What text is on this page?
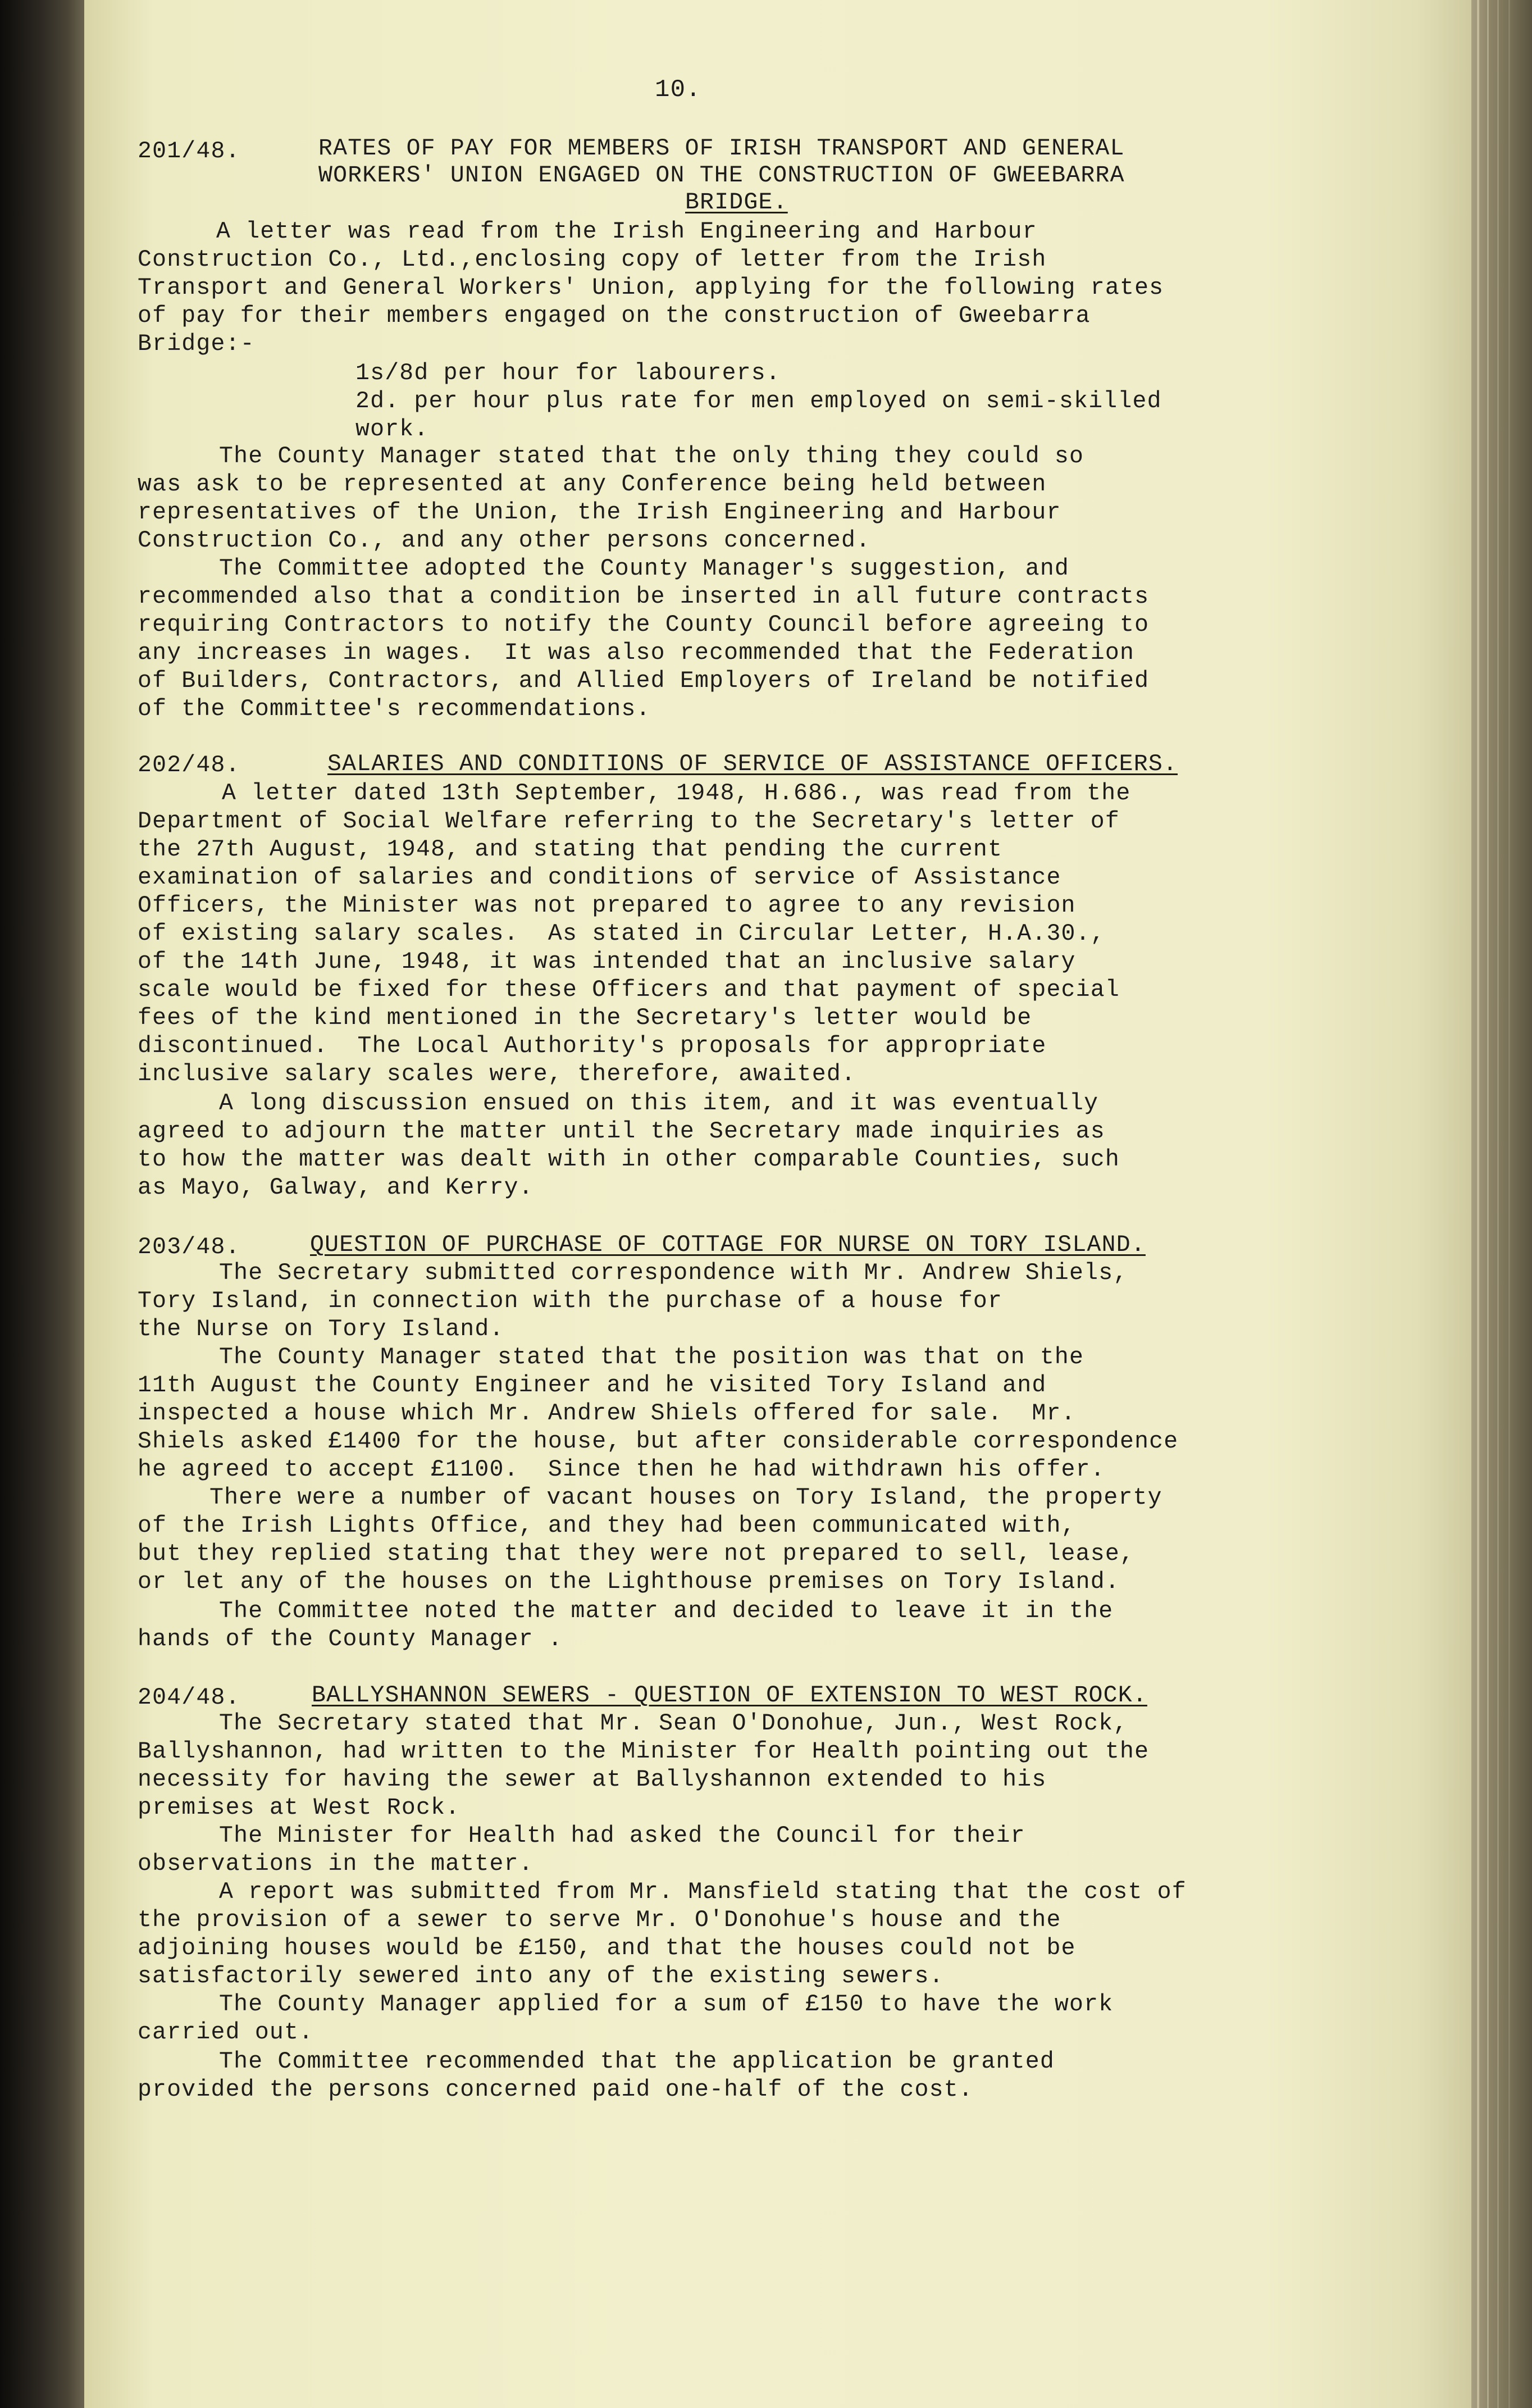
10.
201/48.	RATES OF PAY FOR MEMBERS OF IRISH TRANSPORT AND GENERAL
WORKERS' UNION ENGAGED ON THE CONSTRUCTION OF GWEEBARRA
BRIDGE.
A letter was read from the Irish Engineering and Harbour
Construction Co., Ltd.,enclosing copy of letter from the Irish
Transport and General Workers' Union, applying for the following rates
of pay for their members engaged on the construction of Gweebarra
Bridge:-
1s/8d per hour for labourers.
2d. per hour plus rate for men employed on semi-skilled
work.
The County Manager stated that the only thing they could so
was ask to be represented at any Conference being held between
representatives of the Union, the Irish Engineering and Harbour
Construction Co., and any other persons concerned.
The Committee adopted the County Manager's suggestion, and
recommended also that a condition be inserted in all future contracts
requiring Contractors to notify the County Council before agreeing to
any increases in wages.  It was also recommended that the Federation
of Builders, Contractors, and Allied Employers of Ireland be notified
of the Committee's recommendations.
202/48.	SALARIES AND CONDITIONS OF SERVICE OF ASSISTANCE OFFICERS.
A letter dated 13th September, 1948, H.686., was read from the
Department of Social Welfare referring to the Secretary's letter of
the 27th August, 1948, and stating that pending the current
examination of salaries and conditions of service of Assistance
Officers, the Minister was not prepared to agree to any revision
of existing salary scales.  As stated in Circular Letter, H.A.30.,
of the 14th June, 1948, it was intended that an inclusive salary
scale would be fixed for these Officers and that payment of special
fees of the kind mentioned in the Secretary's letter would be
discontinued.  The Local Authority's proposals for appropriate
inclusive salary scales were, therefore, awaited.
A long discussion ensued on this item, and it was eventually
agreed to adjourn the matter until the Secretary made inquiries as
to how the matter was dealt with in other comparable Counties, such
as Mayo, Galway, and Kerry.
203/48.	QUESTION OF PURCHASE OF COTTAGE FOR NURSE ON TORY ISLAND.
The Secretary submitted correspondence with Mr. Andrew Shiels,
Tory Island, in connection with the purchase of a house for
the Nurse on Tory Island.
The County Manager stated that the position was that on the
11th August the County Engineer and he visited Tory Island and
inspected a house which Mr. Andrew Shiels offered for sale.  Mr.
Shiels asked £1400 for the house, but after considerable correspondence
he agreed to accept £1100.  Since then he had withdrawn his offer.
There were a number of vacant houses on Tory Island, the property
of the Irish Lights Office, and they had been communicated with,
but they replied stating that they were not prepared to sell, lease,
or let any of the houses on the Lighthouse premises on Tory Island.
The Committee noted the matter and decided to leave it in the
hands of the County Manager .
204/48.	BALLYSHANNON SEWERS - QUESTION OF EXTENSION TO WEST ROCK.
The Secretary stated that Mr. Sean O'Donohue, Jun., West Rock,
Ballyshannon, had written to the Minister for Health pointing out the
necessity for having the sewer at Ballyshannon extended to his
premises at West Rock.
The Minister for Health had asked the Council for their
observations in the matter.
A report was submitted from Mr. Mansfield stating that the cost of
the provision of a sewer to serve Mr. O'Donohue's house and the
adjoining houses would be £150, and that the houses could not be
satisfactorily sewered into any of the existing sewers.
The County Manager applied for a sum of £150 to have the work
carried out.
The Committee recommended that the application be granted
provided the persons concerned paid one-half of the cost.
